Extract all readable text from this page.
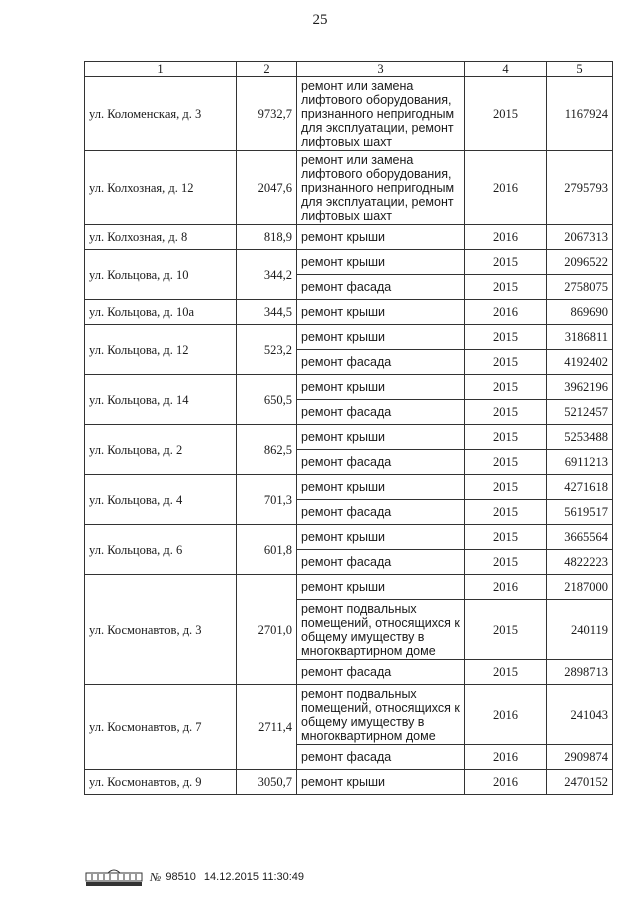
25
1	2	3	4	5
ул. Коломенская, д. 3	9732,7	ремонт или замена лифтового оборудования, признанного непригодным для эксплуатации, ремонт лифтовых шахт	2015	1167924
ул. Колхозная, д. 12	2047,6	ремонт или замена лифтового оборудования, признанного непригодным для эксплуатации, ремонт лифтовых шахт	2016	2795793
ул. Колхозная, д. 8	818,9	ремонт крыши	2016	2067313
ул. Кольцова, д. 10	344,2	ремонт крыши	2015	2096522
		ремонт фасада	2015	2758075
ул. Кольцова, д. 10а	344,5	ремонт крыши	2016	869690
ул. Кольцова, д. 12	523,2	ремонт крыши	2015	3186811
		ремонт фасада	2015	4192402
ул. Кольцова, д. 14	650,5	ремонт крыши	2015	3962196
		ремонт фасада	2015	5212457
ул. Кольцова, д. 2	862,5	ремонт крыши	2015	5253488
		ремонт фасада	2015	6911213
ул. Кольцова, д. 4	701,3	ремонт крыши	2015	4271618
		ремонт фасада	2015	5619517
ул. Кольцова, д. 6	601,8	ремонт крыши	2015	3665564
		ремонт фасада	2015	4822223
ул. Космонавтов, д. 3	2701,0	ремонт крыши	2016	2187000
		ремонт подвальных помещений, относящихся к общему имуществу в многоквартирном доме	2015	240119
		ремонт фасада	2015	2898713
ул. Космонавтов, д. 7	2711,4	ремонт подвальных помещений, относящихся к общему имуществу в многоквартирном доме	2016	241043
		ремонт фасада	2016	2909874
ул. Космонавтов, д. 9	3050,7	ремонт крыши	2016	2470152
№ 98510 14.12.2015 11:30:49
